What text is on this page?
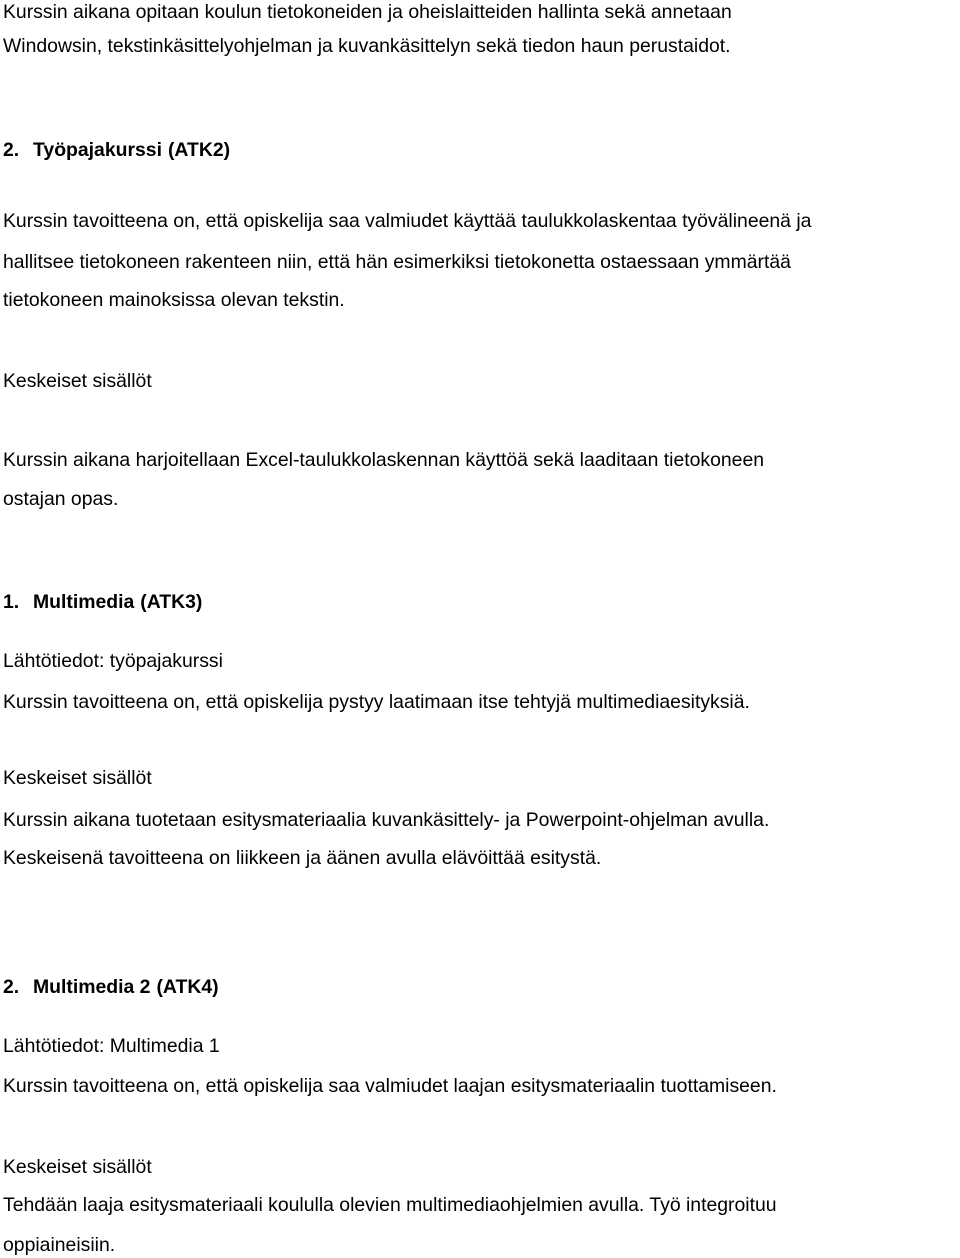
Kurssin aikana opitaan koulun tietokoneiden ja oheislaitteiden hallinta sekä annetaan
Windowsin, tekstinkäsittelyohjelman ja kuvankäsittelyn sekä tiedon haun perustaidot.
2. Työpajakurssi (ATK2)
Kurssin tavoitteena on, että opiskelija saa valmiudet käyttää taulukkolaskentaa työvälineenä ja
hallitsee tietokoneen rakenteen niin, että hän esimerkiksi tietokonetta ostaessaan ymmärtää
tietokoneen mainoksissa olevan tekstin.
Keskeiset sisällöt
Kurssin aikana harjoitellaan Excel-taulukkolaskennan käyttöä sekä laaditaan tietokoneen
ostajan opas.
1. Multimedia (ATK3)
Lähtötiedot: työpajakurssi
Kurssin tavoitteena on, että opiskelija pystyy laatimaan itse tehtyjä multimediaesityksiä.
Keskeiset sisällöt
Kurssin aikana tuotetaan esitysmateriaalia kuvankäsittely- ja Powerpoint-ohjelman avulla.
Keskeisenä tavoitteena on liikkeen ja äänen avulla elävöittää esitystä.
2. Multimedia 2 (ATK4)
Lähtötiedot: Multimedia 1
Kurssin tavoitteena on, että opiskelija saa valmiudet laajan esitysmateriaalin tuottamiseen.
Keskeiset sisällöt
Tehdään laaja esitysmateriaali koululla olevien multimediaohjelmien avulla. Työ integroituu
oppiaineisiin.
